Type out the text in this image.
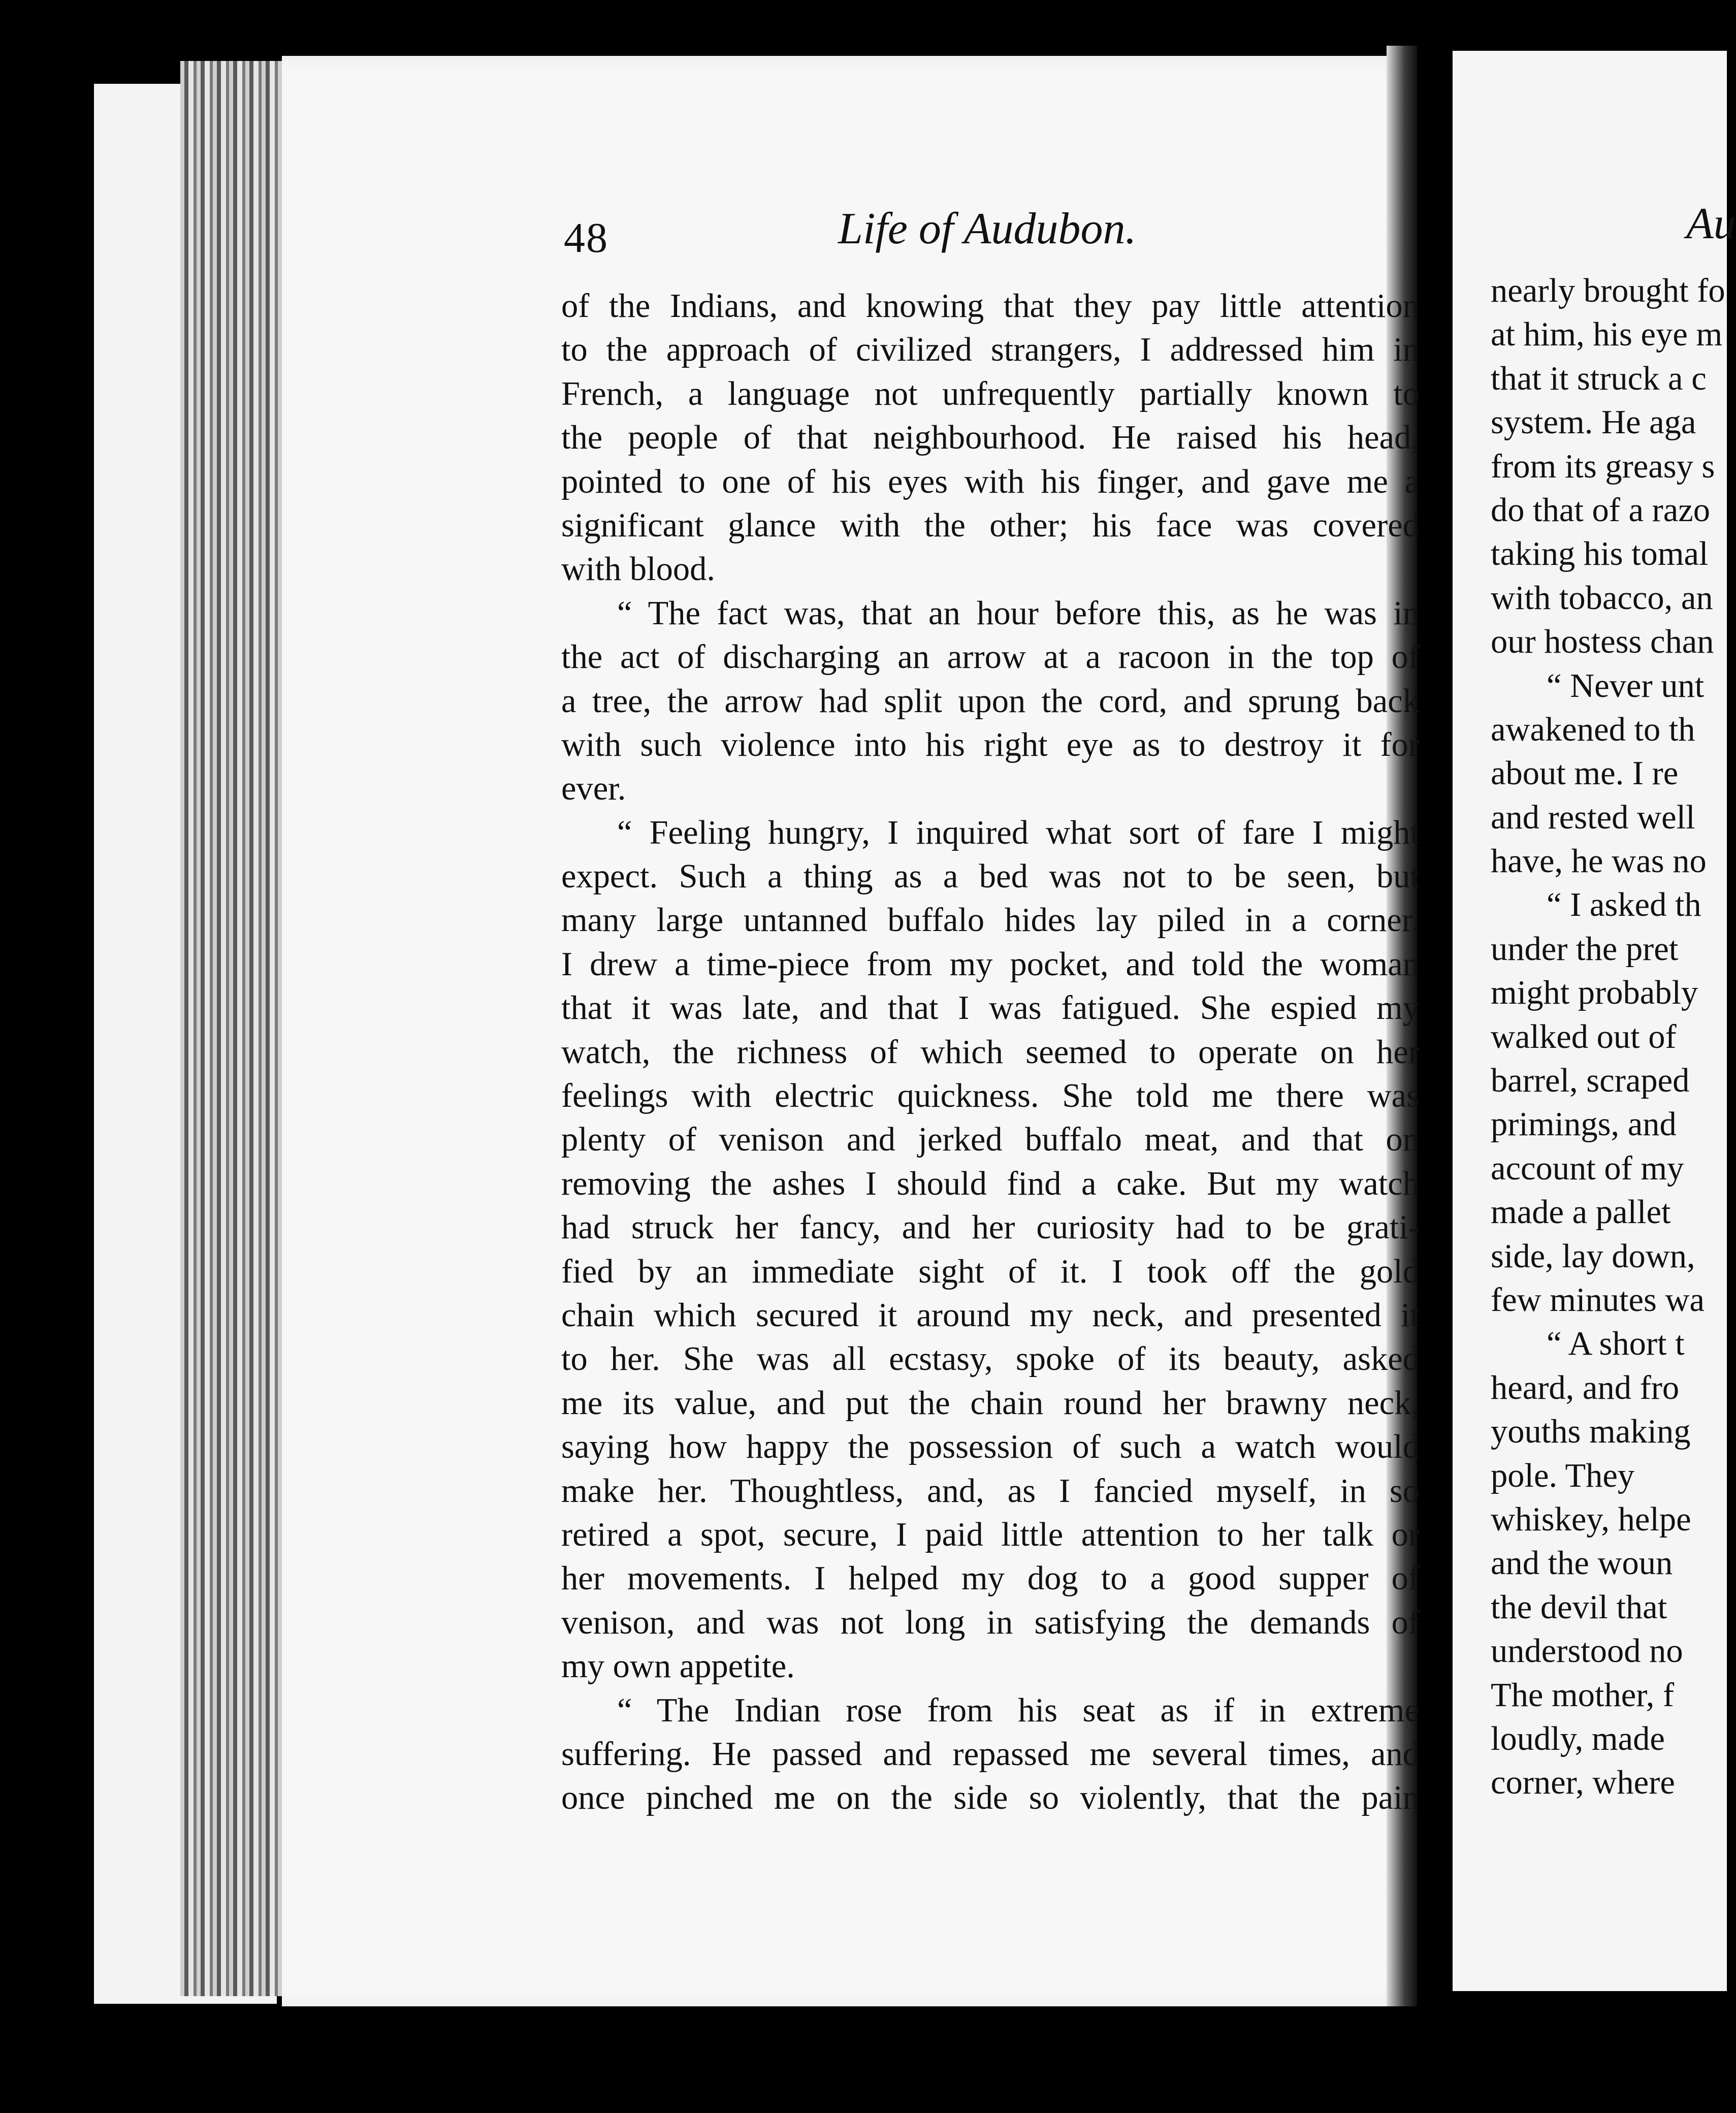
48	Life of Audubon.
of the Indians, and knowing that they pay little attention
to the approach of civilized strangers, I addressed him in
French, a language not unfrequently partially known to
the people of that neighbourhood. He raised his head,
pointed to one of his eyes with his finger, and gave me a
significant glance with the other; his face was covered
with blood.
“ The fact was, that an hour before this, as he was in
the act of discharging an arrow at a racoon in the top of
a tree, the arrow had split upon the cord, and sprung back
with such violence into his right eye as to destroy it for
ever.
“ Feeling hungry, I inquired what sort of fare I might
expect. Such a thing as a bed was not to be seen, but
many large untanned buffalo hides lay piled in a corner.
I drew a time-piece from my pocket, and told the woman
that it was late, and that I was fatigued. She espied my
watch, the richness of which seemed to operate on her
feelings with electric quickness. She told me there was
plenty of venison and jerked buffalo meat, and that on
removing the ashes I should find a cake. But my watch
had struck her fancy, and her curiosity had to be grati-
fied by an immediate sight of it. I took off the gold
chain which secured it around my neck, and presented it
to her. She was all ecstasy, spoke of its beauty, asked
me its value, and put the chain round her brawny neck,
saying how happy the possession of such a watch would
make her. Thoughtless, and, as I fancied myself, in so
retired a spot, secure, I paid little attention to her talk or
her movements. I helped my dog to a good supper of
venison, and was not long in satisfying the demands of
my own appetite.
“ The Indian rose from his seat as if in extreme
suffering. He passed and repassed me several times, and
once pinched me on the side so violently, that the pain
Au
nearly brought fo
at him, his eye m
that it struck a c
system. He aga
from its greasy s
do that of a razo
taking his tomal
with tobacco, an
our hostess chan
“ Never unt
awakened to th
about me. I re
and rested well
have, he was no
“ I asked th
under the pret
might probably
walked out of
barrel, scraped
primings, and
account of my
made a pallet
side, lay down,
few minutes wa
“ A short t
heard, and fro
youths making
pole. They
whiskey, helpe
and the woun
the devil that
understood no
The mother, f
loudly, made
corner, where
